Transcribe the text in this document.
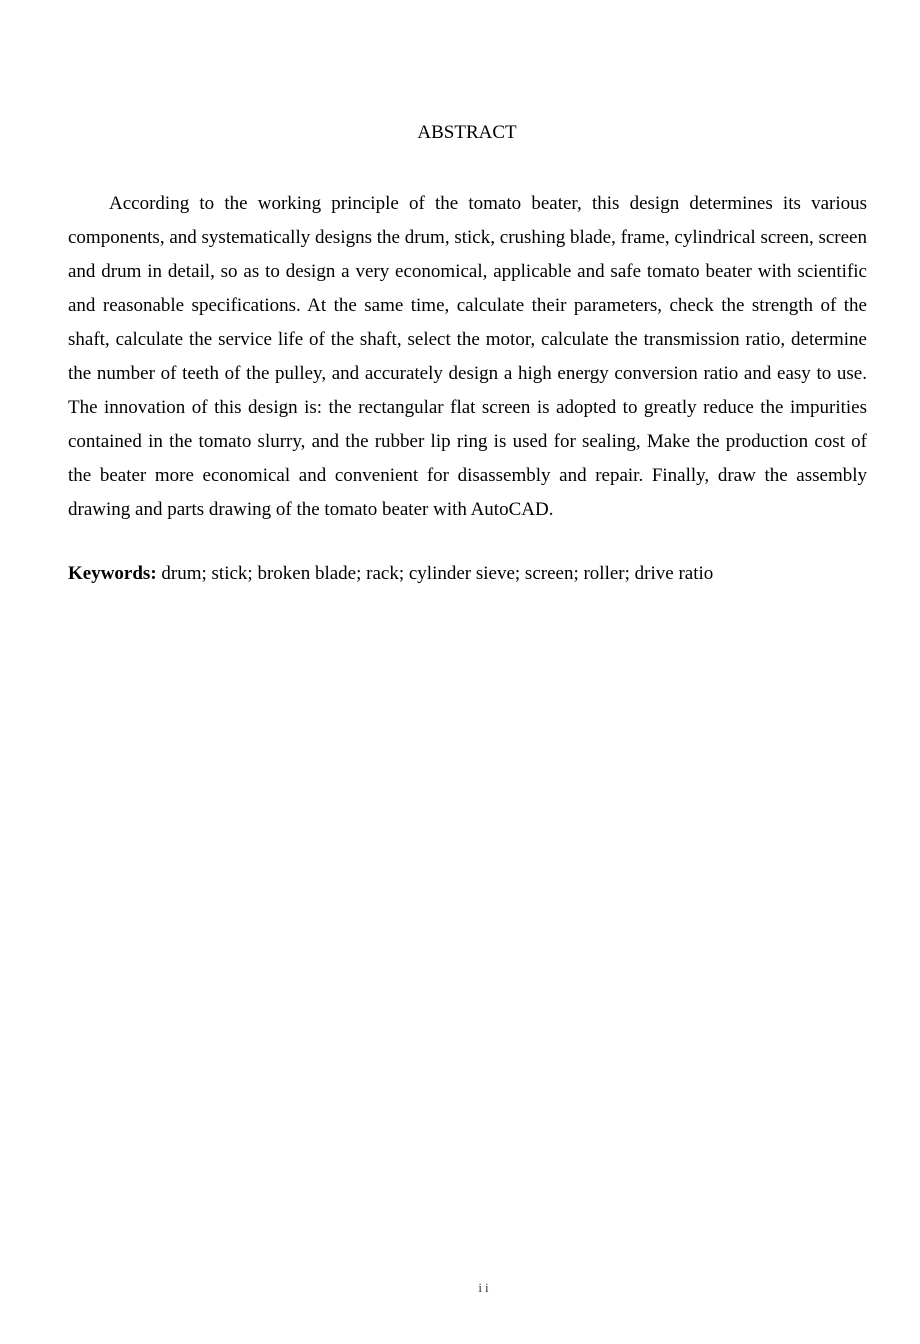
ABSTRACT

According to the working principle of the tomato beater, this design determines its various components, and systematically designs the drum, stick, crushing blade, frame, cylindrical screen, screen and drum in detail, so as to design a very economical, applicable and safe tomato beater with scientific and reasonable specifications. At the same time, calculate their parameters, check the strength of the shaft, calculate the service life of the shaft, select the motor, calculate the transmission ratio, determine the number of teeth of the pulley, and accurately design a high energy conversion ratio and easy to use. The innovation of this design is: the rectangular flat screen is adopted to greatly reduce the impurities contained in the tomato slurry, and the rubber lip ring is used for sealing, Make the production cost of the beater more economical and convenient for disassembly and repair. Finally, draw the assembly drawing and parts drawing of the tomato beater with AutoCAD.

Keywords: drum; stick; broken blade; rack; cylinder sieve; screen; roller; drive ratio

ii
